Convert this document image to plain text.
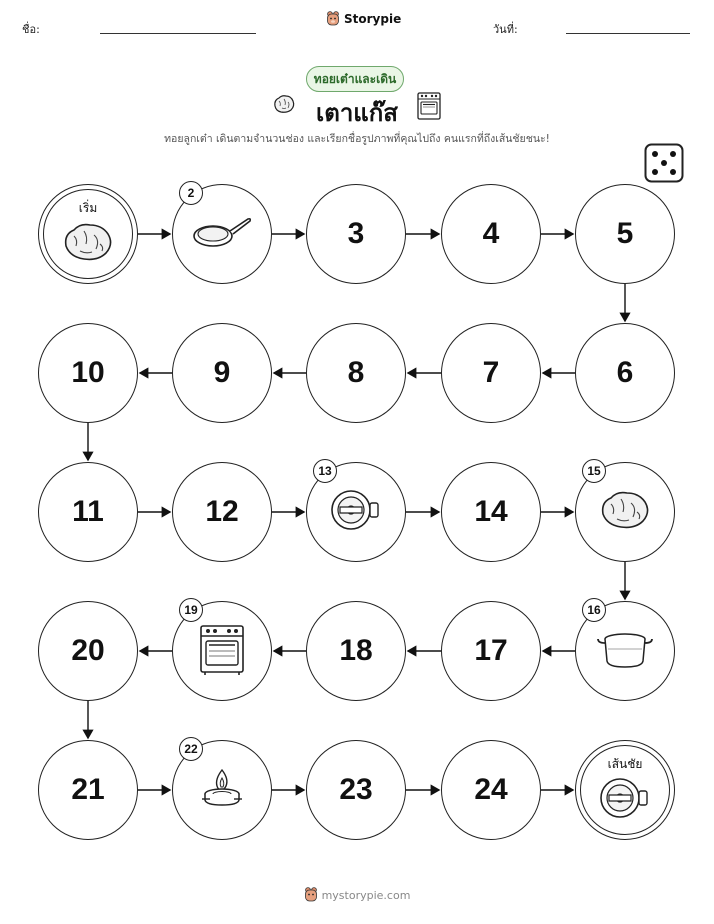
ชื่อ:
Storypie
วันที่:
ทอยเต๋าและเดิน
เตาแก๊ส
ทอยลูกเต๋า เดินตามจำนวนช่อง และเรียกชื่อรูปภาพที่คุณไปถึง คนแรกที่ถึงเส้นชัยชนะ!
เริ่ม
2
3	4	5
6
7
8
9
10
11	12
13
14
15
16
17
18
19
20
21
22
23	24
เส้นชัย
mystorypie.com
